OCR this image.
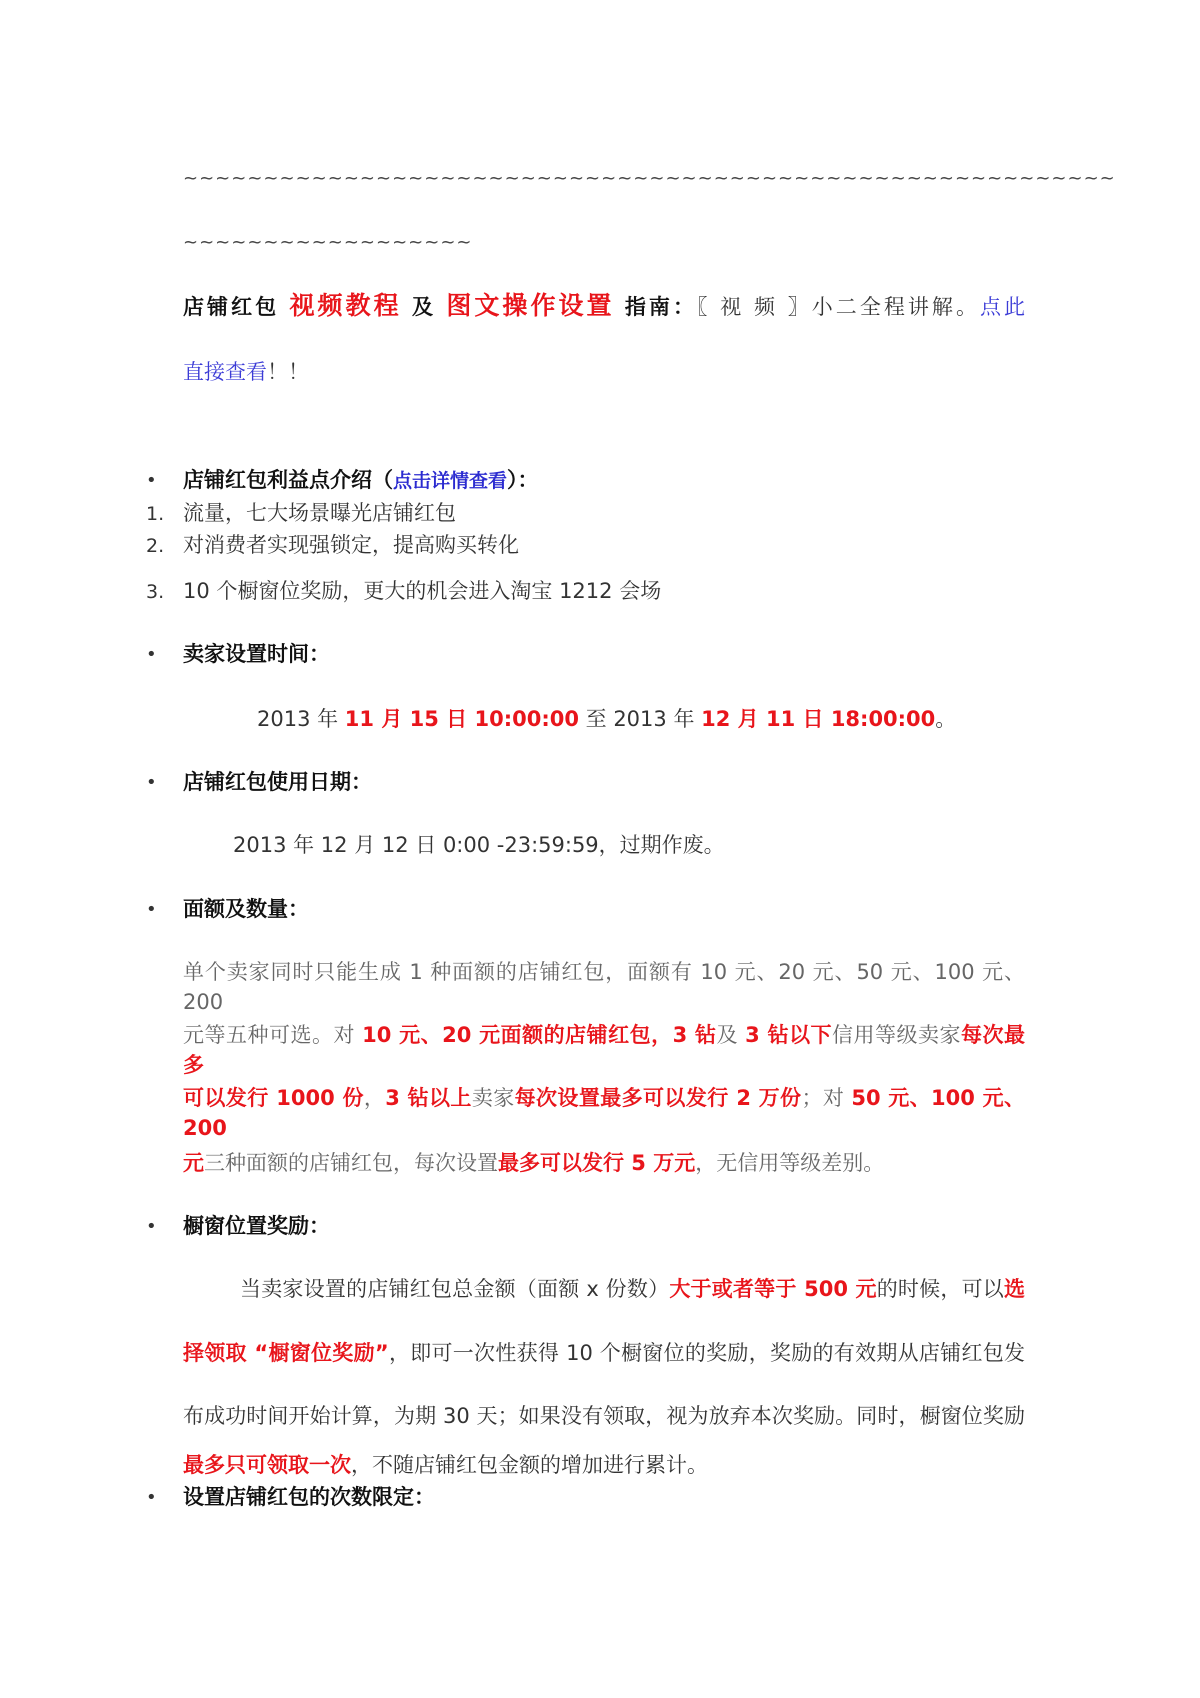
~~~~~~~~~~~~~~~~~~~~~~~~~~~~~~~~~~~~~~~~~~~~~~~~~~~~~~~~~~
~~~~~~~~~~~~~~~~~~
•
1.
2.
3.
•
•
•
•
•
店铺红包 视频教程 及 图文操作设置 指南：〖 视 频 〗小二全程讲解。点此
直接查看！！
店铺红包利益点介绍（点击详情查看）：
流量，七大场景曝光店铺红包
对消费者实现强锁定，提高购买转化
10 个橱窗位奖励，更大的机会进入淘宝 1212 会场
卖家设置时间：
2013 年 11 月 15 日 10:00:00 至 2013 年 12 月 11 日 18:00:00。
店铺红包使用日期：
2013 年 12 月 12 日 0:00 -23:59:59，过期作废。
面额及数量：
单个卖家同时只能生成 1 种面额的店铺红包，面额有 10 元、20 元、50 元、100 元、200
元等五种可选。对 10 元、20 元面额的店铺红包，3 钻及 3 钻以下信用等级卖家每次最多
可以发行 1000 份，3 钻以上卖家每次设置最多可以发行 2 万份；对 50 元、100 元、200
元三种面额的店铺红包，每次设置最多可以发行 5 万元，无信用等级差别。
橱窗位置奖励：
当卖家设置的店铺红包总金额（面额 x 份数）大于或者等于 500 元的时候，可以选
择领取 “橱窗位奖励”，即可一次性获得 10 个橱窗位的奖励，奖励的有效期从店铺红包发
布成功时间开始计算，为期 30 天；如果没有领取，视为放弃本次奖励。同时，橱窗位奖励
最多只可领取一次，不随店铺红包金额的增加进行累计。
设置店铺红包的次数限定：
